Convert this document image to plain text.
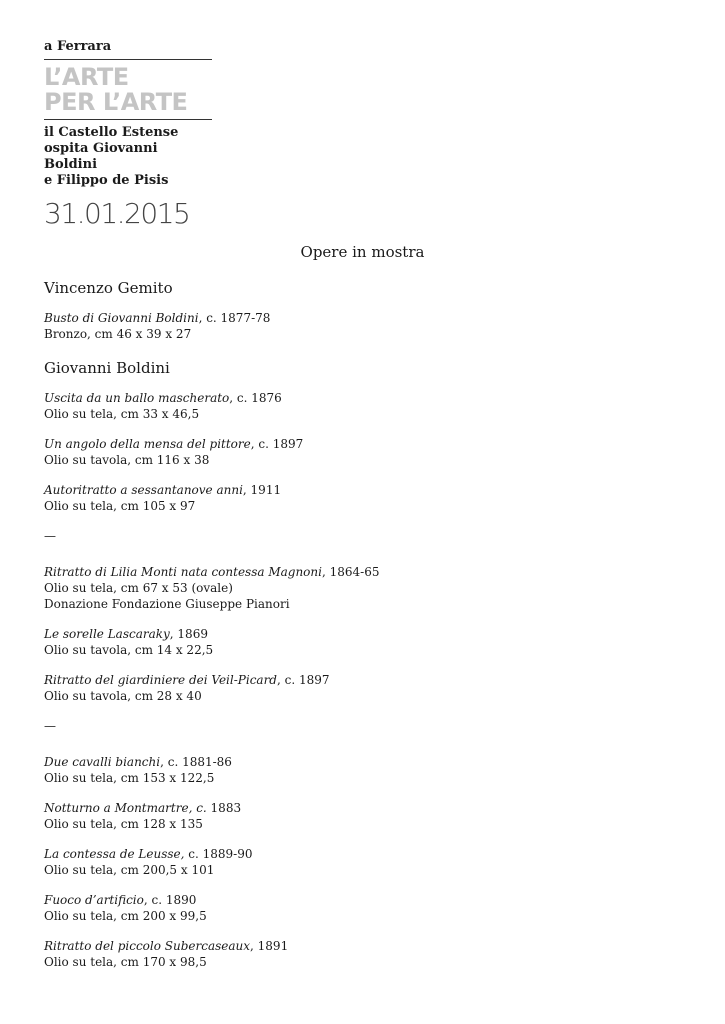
a Ferrara
L’ARTE
PER L’ARTE
il Castello Estense
ospita Giovanni Boldini
e Filippo de Pisis
31.01.2015
Opere in mostra
Vincenzo Gemito
Busto di Giovanni Boldini, c. 1877-78
Bronzo, cm 46 x 39 x 27
Giovanni Boldini
Uscita da un ballo mascherato, c. 1876
Olio su tela, cm 33 x 46,5
Un angolo della mensa del pittore, c. 1897
Olio su tavola, cm 116 x 38
Autoritratto a sessantanove anni, 1911
Olio su tela, cm 105 x 97
—
Ritratto di Lilia Monti nata contessa Magnoni, 1864-65
Olio su tela, cm 67 x 53 (ovale)
Donazione Fondazione Giuseppe Pianori
Le sorelle Lascaraky, 1869
Olio su tavola, cm 14 x 22,5
Ritratto del giardiniere dei Veil-Picard, c. 1897
Olio su tavola, cm 28 x 40
—
Due cavalli bianchi, c. 1881-86
Olio su tela, cm 153 x 122,5
Notturno a Montmartre, c. 1883
Olio su tela, cm 128 x 135
La contessa de Leusse, c. 1889-90
Olio su tela, cm 200,5 x 101
Fuoco d’artificio, c. 1890
Olio su tela, cm 200 x 99,5
Ritratto del piccolo Subercaseaux, 1891
Olio su tela, cm 170 x 98,5
